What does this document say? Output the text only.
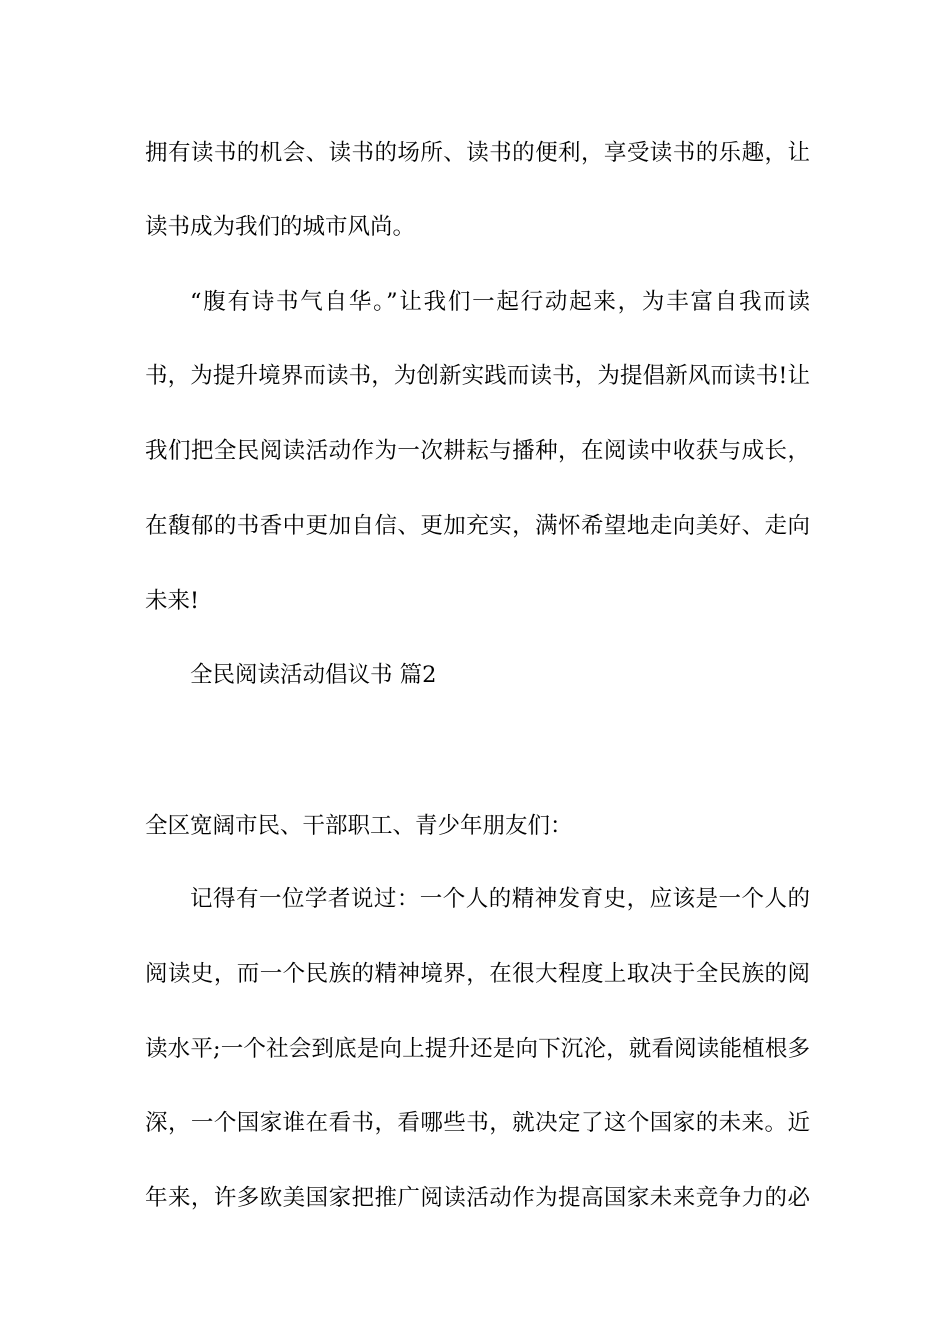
拥有读书的机会、读书的场所、读书的便利，享受读书的乐趣，让
读书成为我们的城市风尚。
“腹有诗书气自华。”让我们一起行动起来，为丰富自我而读
书，为提升境界而读书，为创新实践而读书，为提倡新风而读书!让
我们把全民阅读活动作为一次耕耘与播种，在阅读中收获与成长，
在馥郁的书香中更加自信、更加充实，满怀希望地走向美好、走向
未来!
全民阅读活动倡议书 篇2
全区宽阔市民、干部职工、青少年朋友们：
记得有一位学者说过：一个人的精神发育史，应该是一个人的
阅读史，而一个民族的精神境界，在很大程度上取决于全民族的阅
读水平;一个社会到底是向上提升还是向下沉沦，就看阅读能植根多
深，一个国家谁在看书，看哪些书，就决定了这个国家的未来。近
年来，许多欧美国家把推广阅读活动作为提高国家未来竞争力的必
